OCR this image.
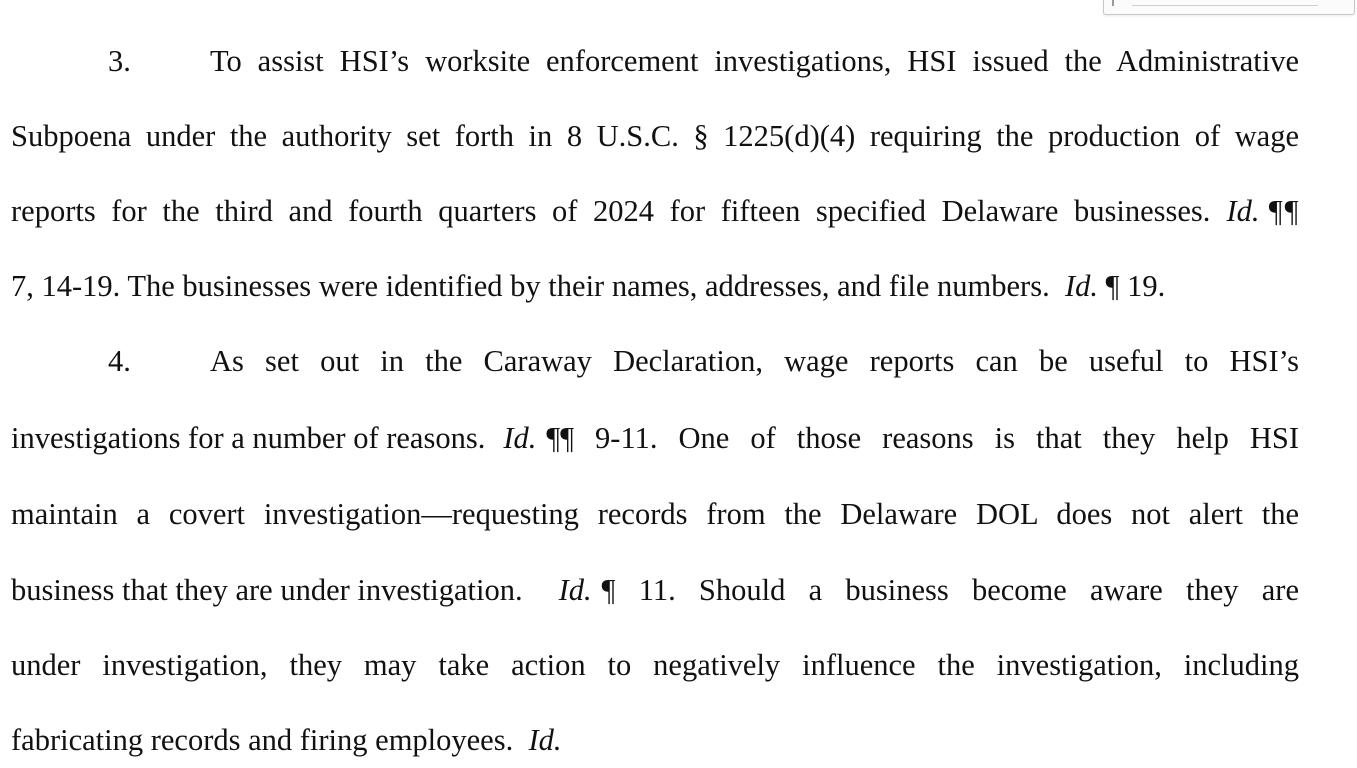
3.	To assist HSI’s worksite enforcement investigations, HSI issued the Administrative
Subpoena under the authority set forth in 8 U.S.C. § 1225(d)(4) requiring the production of wage
reports for the third and fourth quarters of 2024 for fifteen specified Delaware businesses. Id. ¶¶
7, 14-19. The businesses were identified by their names, addresses, and file numbers. Id. ¶ 19.
4.	As set out in the Caraway Declaration, wage reports can be useful to HSI’s
investigations for a number of reasons. Id. ¶¶ 9-11. One of those reasons is that they help HSI
maintain a covert investigation—requesting records from the Delaware DOL does not alert the
business that they are under investigation.	Id. ¶ 11. Should a business become aware they are
under investigation, they may take action to negatively influence the investigation, including
fabricating records and firing employees. Id.
